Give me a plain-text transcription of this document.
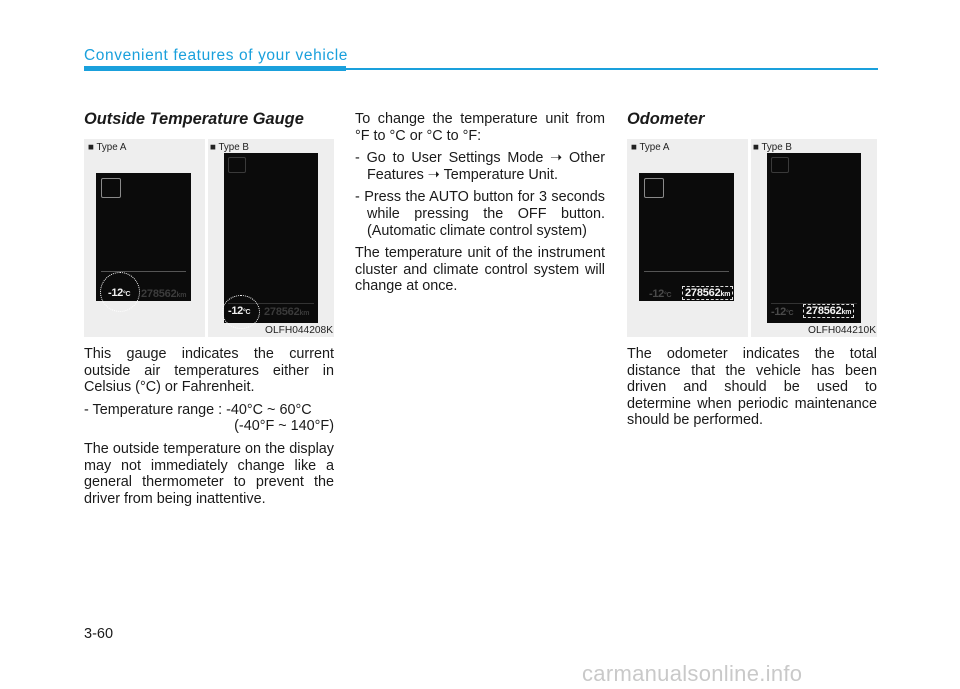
Convenient features of your vehicle
Outside Temperature Gauge
■ Type A	■ Type B
-12°C 278562km
-12°C 278562km
OLFH044208K

This gauge indicates the current outside air temperatures either in Celsius (°C) or Fahrenheit.

- Temperature range : -40°C ~ 60°C

(-40°F ~ 140°F)

The outside temperature on the display may not immediately change like a general thermometer to prevent the driver from being inattentive.

To change the temperature unit from °F to °C or °C to °F:

- Go to User Settings Mode ➝ Other Features ➝ Temperature Unit.

- Press the AUTO button for 3 seconds while pressing the OFF button. (Automatic climate control system)

The temperature unit of the instrument cluster and climate control system will change at once.

Odometer
■ Type A	■ Type B
-12°C 278562km
-12°C 278562km
OLFH044210K

The odometer indicates the total distance that the vehicle has been driven and should be used to determine when periodic maintenance should be performed.

3-60
carmanualsonline.info
